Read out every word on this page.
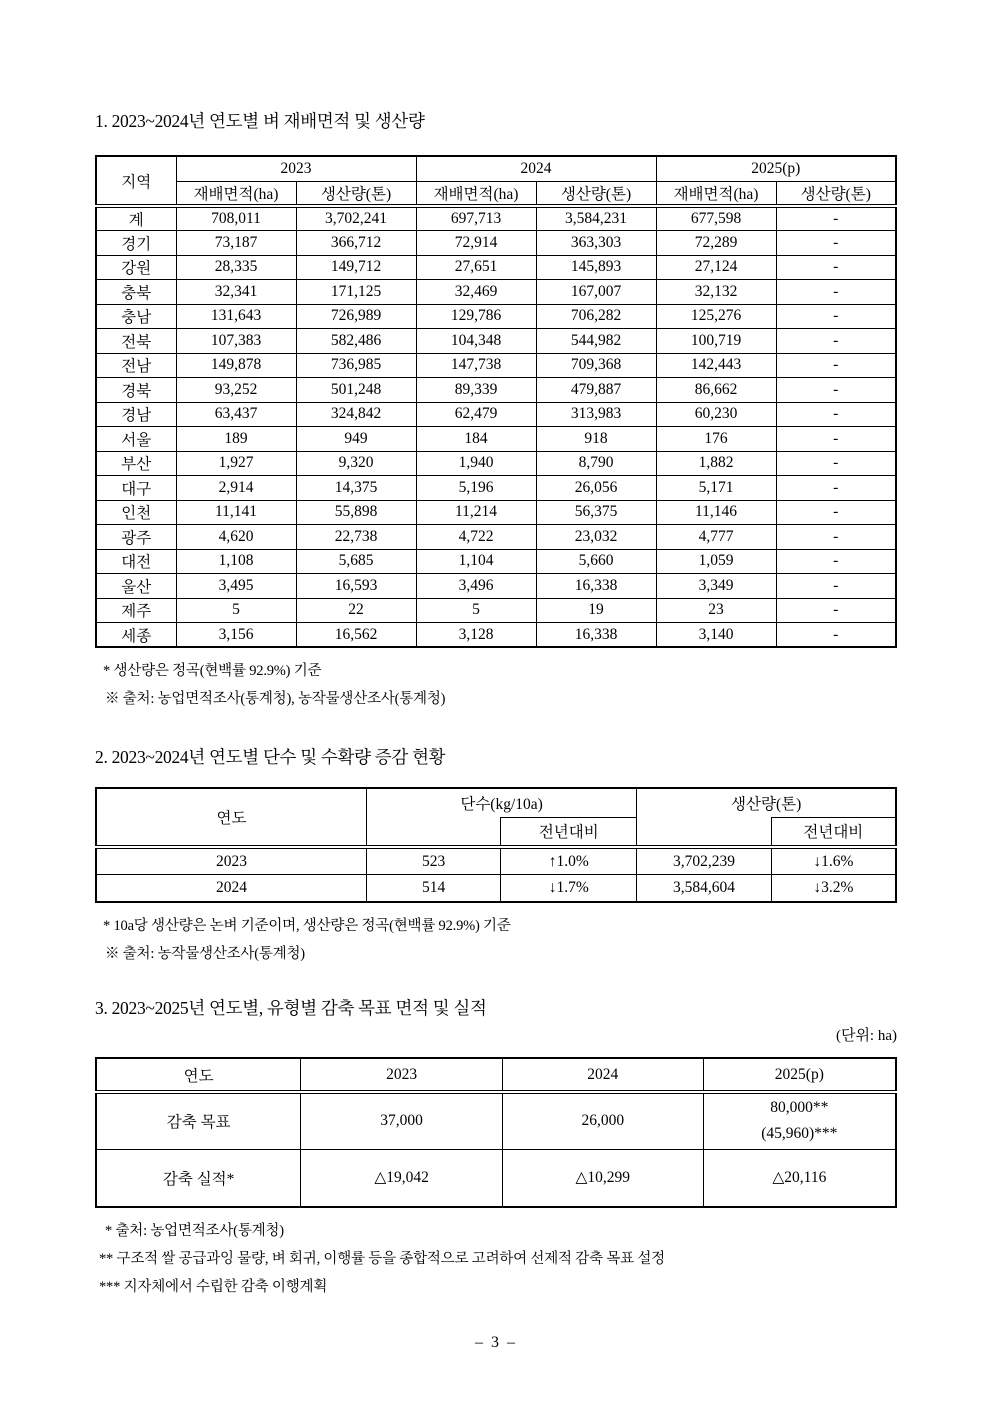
1. 2023~2024년 연도별 벼 재배면적 및 생산량
지역	2023		2024		2025(p)	
	재배면적(ha)	생산량(톤)	재배면적(ha)	생산량(톤)	재배면적(ha)	생산량(톤)
계	708,011	3,702,241	697,713	3,584,231	677,598	-
경기	73,187	366,712	72,914	363,303	72,289	-
강원	28,335	149,712	27,651	145,893	27,124	-
충북	32,341	171,125	32,469	167,007	32,132	-
충남	131,643	726,989	129,786	706,282	125,276	-
전북	107,383	582,486	104,348	544,982	100,719	-
전남	149,878	736,985	147,738	709,368	142,443	-
경북	93,252	501,248	89,339	479,887	86,662	-
경남	63,437	324,842	62,479	313,983	60,230	-
서울	189	949	184	918	176	-
부산	1,927	9,320	1,940	8,790	1,882	-
대구	2,914	14,375	5,196	26,056	5,171	-
인천	11,141	55,898	11,214	56,375	11,146	-
광주	4,620	22,738	4,722	23,032	4,777	-
대전	1,108	5,685	1,104	5,660	1,059	-
울산	3,495	16,593	3,496	16,338	3,349	-
제주	5	22	5	19	23	-
세종	3,156	16,562	3,128	16,338	3,140	-
* 생산량은 정곡(현백률 92.9%) 기준
※ 출처: 농업면적조사(통계청), 농작물생산조사(통계청)
2. 2023~2024년 연도별 단수 및 수확량 증감 현황
연도	단수(kg/10a)		생산량(톤)	
		전년대비		전년대비
2023	523	↑1.0%	3,702,239	↓1.6%
2024	514	↓1.7%	3,584,604	↓3.2%
* 10a당 생산량은 논벼 기준이며, 생산량은 정곡(현백률 92.9%) 기준
※ 출처: 농작물생산조사(통계청)
3. 2023~2025년 연도별, 유형별 감축 목표 면적 및 실적
(단위: ha)
연도	2023	2024	2025(p)
감축 목표	37,000	26,000	80,000**
(45,960)***

감축 실적*	△19,042	△10,299	△20,116
* 출처: 농업면적조사(통계청)
** 구조적 쌀 공급과잉 물량, 벼 회귀, 이행률 등을 종합적으로 고려하여 선제적 감축 목표 설정
*** 지자체에서 수립한 감축 이행계획
– 3 –
